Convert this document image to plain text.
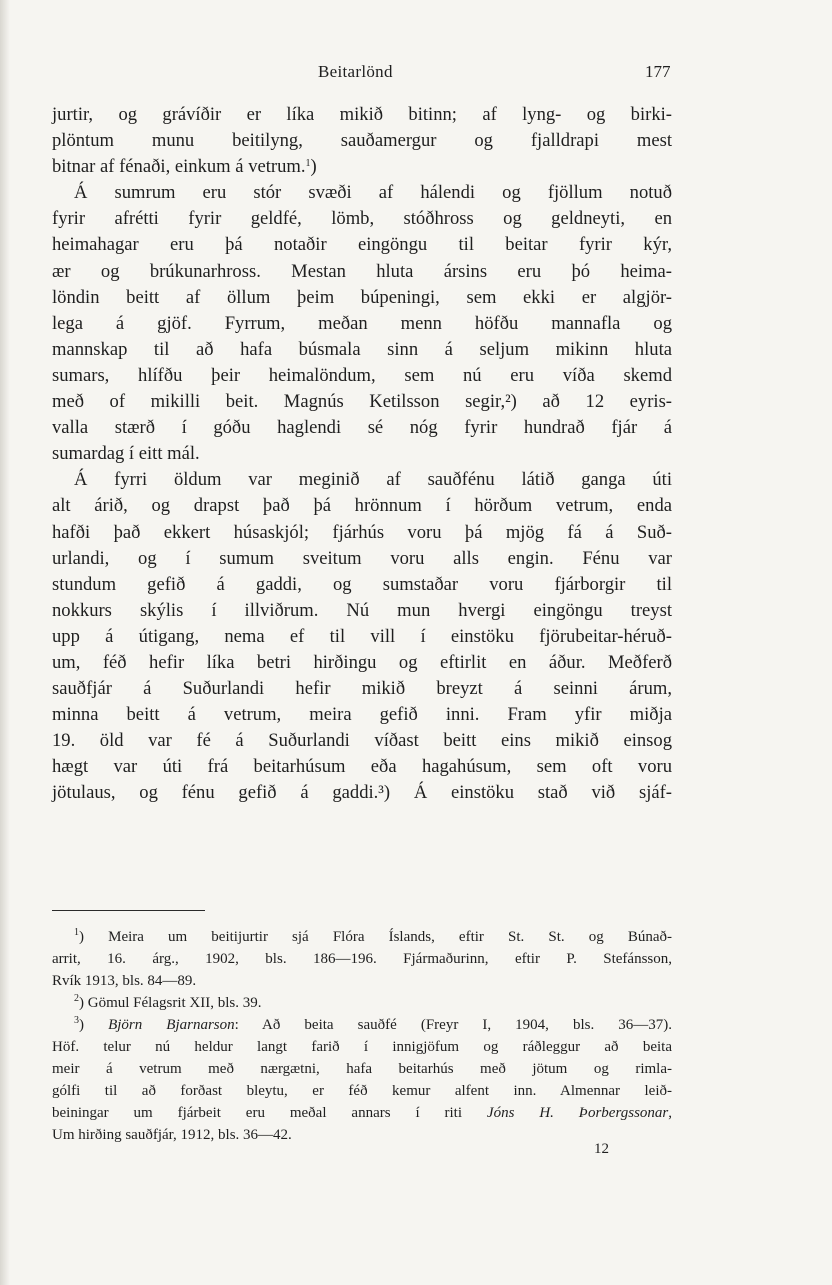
Beitarlönd	177

jurtir, og grávíðir er líka mikið bitinn; af lyng- og birki-
plöntum munu beitilyng, sauðamergur og fjalldrapi mest
bitnar af fénaði, einkum á vetrum.$^1$)

Á sumrum eru stór svæði af hálendi og fjöllum notuð
fyrir afrétti fyrir geldfé, lömb, stóðhross og geldneyti, en
heimahagar eru þá notaðir eingöngu til beitar fyrir kýr,
ær og brúkunarhross. Mestan hluta ársins eru þó heima-
löndin beitt af öllum þeim búpeningi, sem ekki er algjör-
lega á gjöf. Fyrrum, meðan menn höfðu mannafla og
mannskap til að hafa búsmala sinn á seljum mikinn hluta
sumars, hlífðu þeir heimalöndum, sem nú eru víða skemd
með of mikilli beit. Magnús Ketilsson segir,²) að 12 eyris-
valla stærð í góðu haglendi sé nóg fyrir hundrað fjár á
sumardag í eitt mál.

Á fyrri öldum var meginið af sauðfénu látið ganga úti
alt árið, og drapst það þá hrönnum í hörðum vetrum, enda
hafði það ekkert húsaskjól; fjárhús voru þá mjög fá á Suð-
urlandi, og í sumum sveitum voru alls engin. Fénu var
stundum gefið á gaddi, og sumstaðar voru fjárborgir til
nokkurs skýlis í illviðrum. Nú mun hvergi eingöngu treyst
upp á útigang, nema ef til vill í einstöku fjörubeitar-héruð-
um, féð hefir líka betri hirðingu og eftirlit en áður. Meðferð
sauðfjár á Suðurlandi hefir mikið breyzt á seinni árum,
minna beitt á vetrum, meira gefið inni. Fram yfir miðja
19. öld var fé á Suðurlandi víðast beitt eins mikið einsog
hægt var úti frá beitarhúsum eða hagahúsum, sem oft voru
jötulaus, og fénu gefið á gaddi.³) Á einstöku stað við sjáf-

$^1$) Meira um beitijurtir sjá Flóra Íslands, eftir St. St. og Búnað-
arrit, 16. árg., 1902, bls. 186—196. Fjármaðurinn, eftir P. Stefánsson,
Rvík 1913, bls. 84—89.
$^2$) Gömul Félagsrit XII, bls. 39.
$^3$) Björn Bjarnarson: Að beita sauðfé (Freyr I, 1904, bls. 36—37).
Höf. telur nú heldur langt farið í innigjöfum og ráðleggur að beita
meir á vetrum með nærgætni, hafa beitarhús með jötum og rimla-
gólfi til að forðast bleytu, er féð kemur alfent inn. Almennar leið-
beiningar um fjárbeit eru meðal annars í riti Jóns H. Þorbergssonar,
Um hirðing sauðfjár, 1912, bls. 36—42.
12
